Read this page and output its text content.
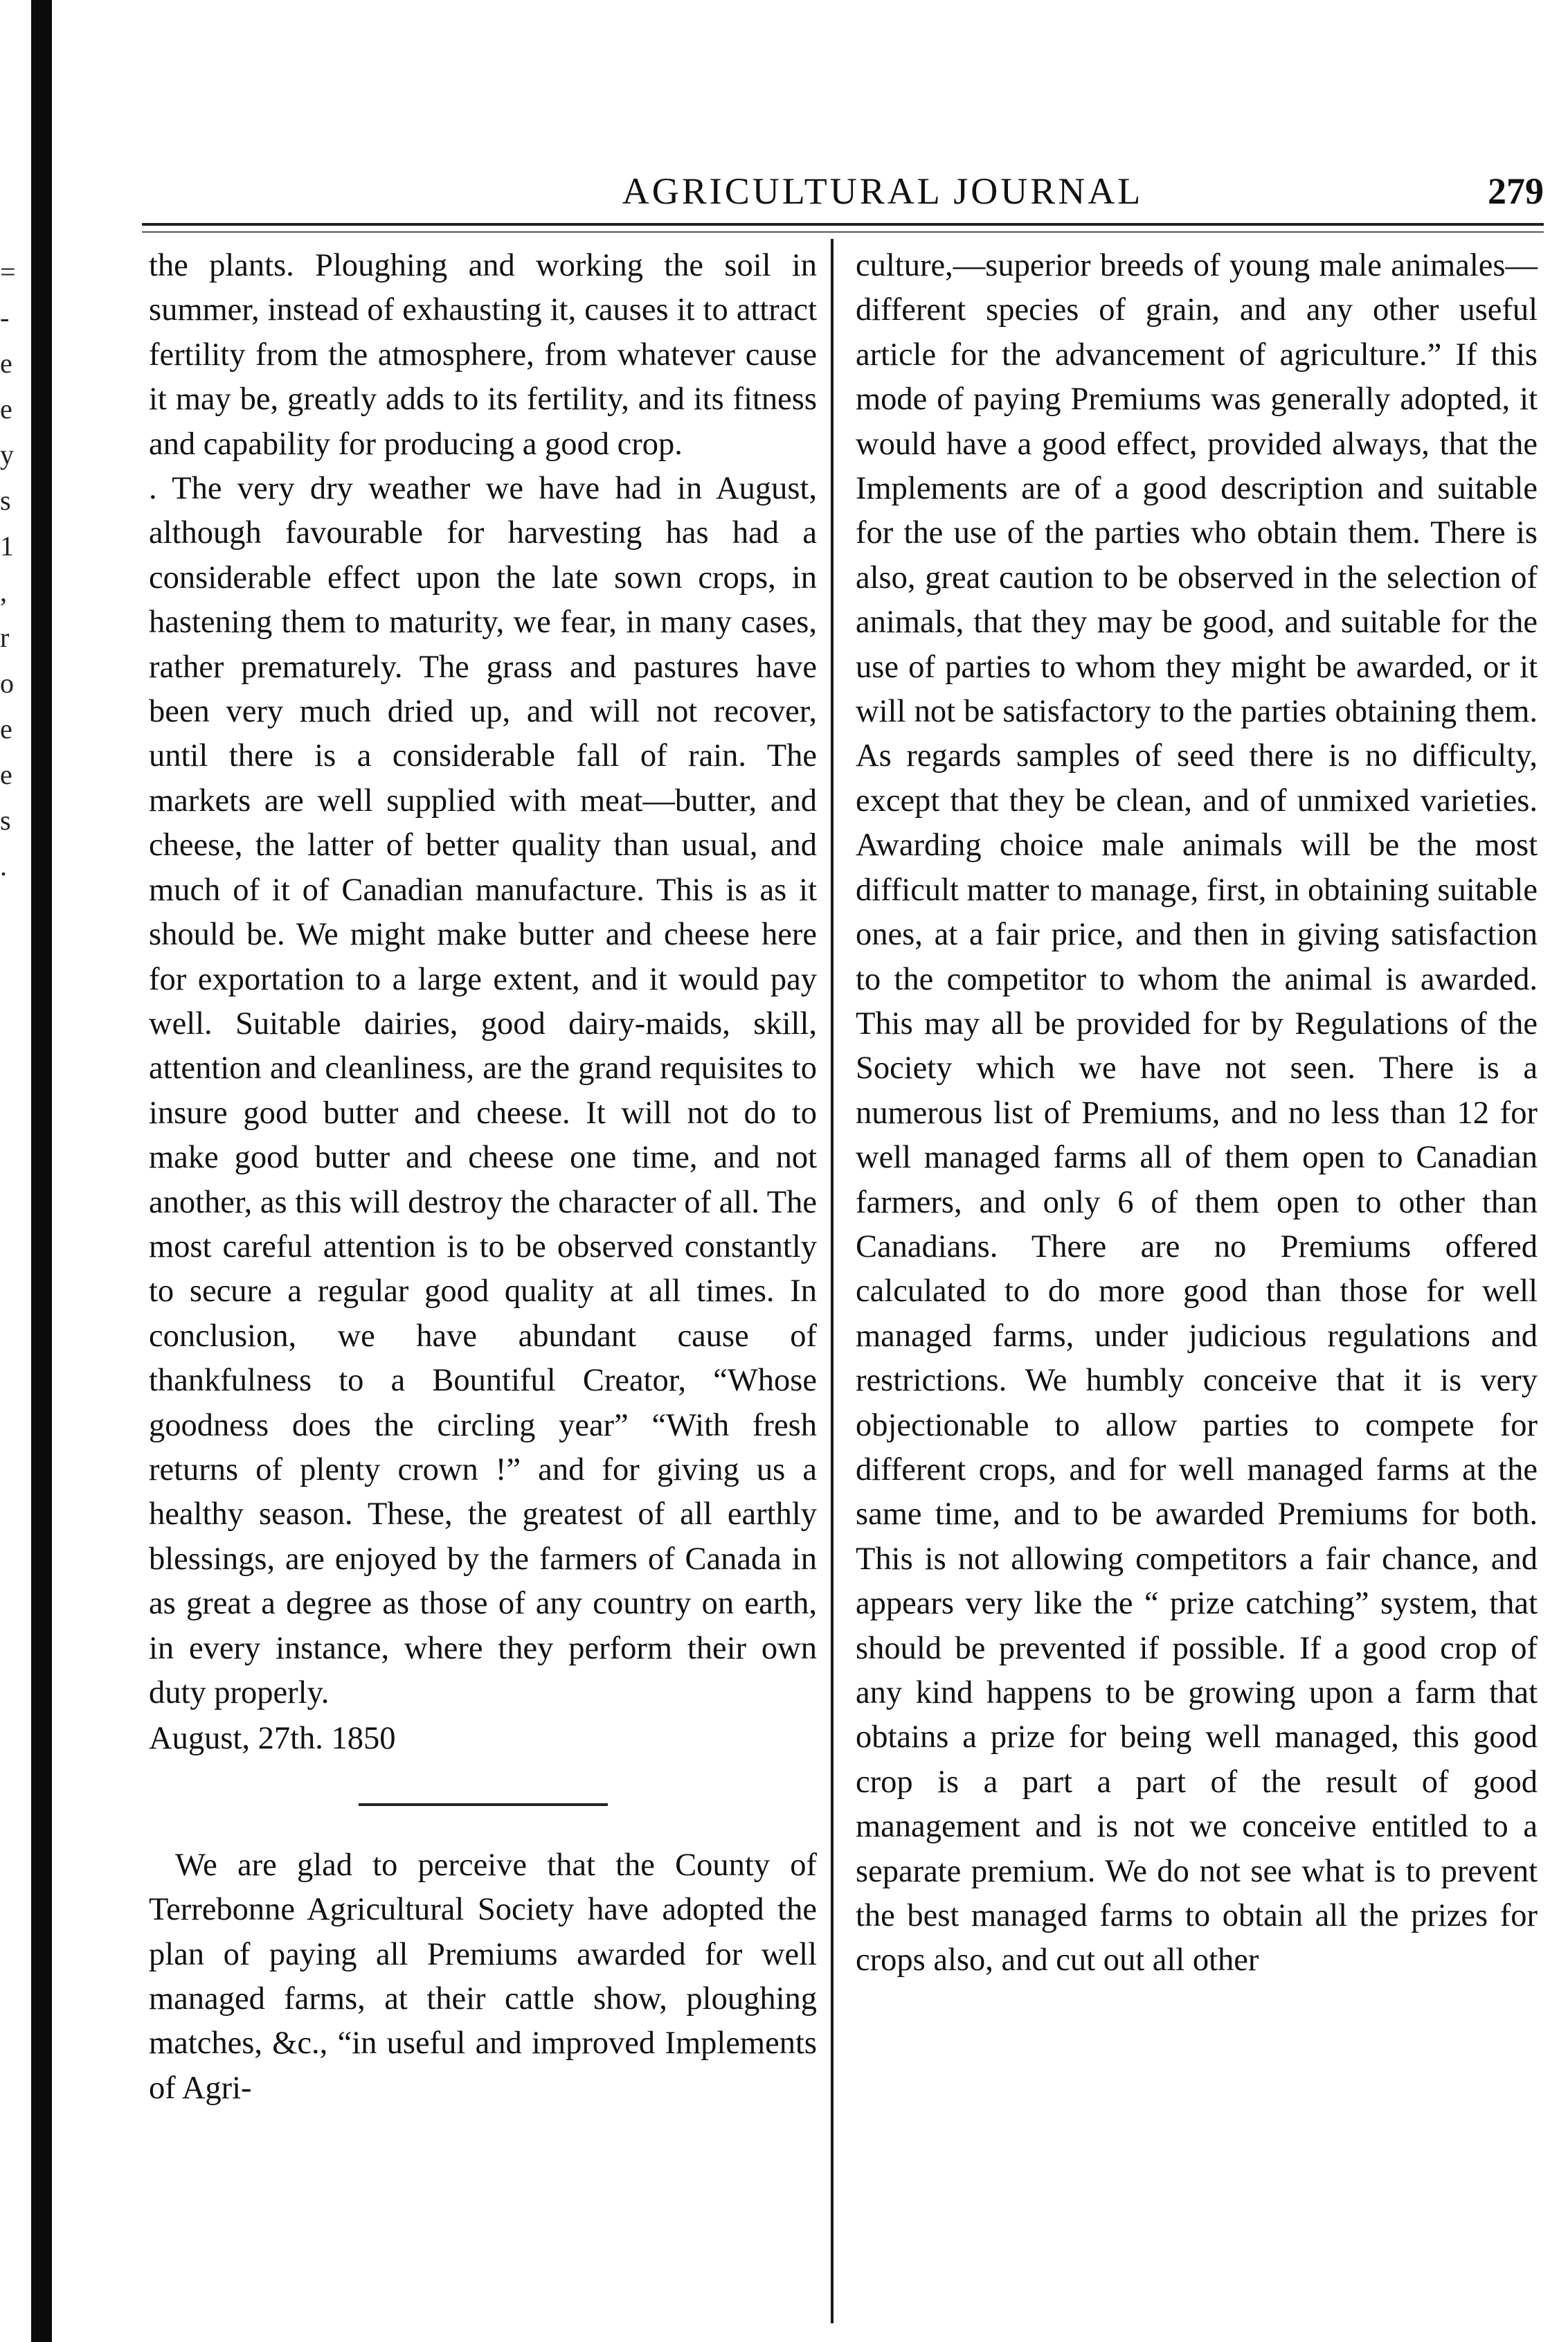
=
-
e
e
y
s
1
,
r
o
e
e
s
.
AGRICULTURAL JOURNAL	279

the plants. Ploughing and working the soil in summer, instead of exhausting it, causes it to attract fertility from the atmosphere, from whatever cause it may be, greatly adds to its fertility, and its fitness and capability for producing a good crop.

. The very dry weather we have had in August, although favourable for harvesting has had a considerable effect upon the late sown crops, in hastening them to maturity, we fear, in many cases, rather prematurely. The grass and pastures have been very much dried up, and will not recover, until there is a considerable fall of rain. The markets are well supplied with meat—butter, and cheese, the latter of better quality than usual, and much of it of Canadian manufacture. This is as it should be. We might make butter and cheese here for exportation to a large extent, and it would pay well. Suitable dairies, good dairy-maids, skill, attention and cleanliness, are the grand requisites to insure good butter and cheese. It will not do to make good butter and cheese one time, and not another, as this will destroy the character of all. The most careful attention is to be observed constantly to secure a regular good quality at all times. In conclusion, we have abundant cause of thankfulness to a Bountiful Creator, “Whose goodness does the circling year” “With fresh returns of plenty crown !” and for giving us a healthy season. These, the greatest of all earthly blessings, are enjoyed by the farmers of Canada in as great a degree as those of any country on earth, in every instance, where they perform their own duty properly.

August, 27th. 1850

We are glad to perceive that the County of Terrebonne Agricultural Society have adopted the plan of paying all Premiums awarded for well managed farms, at their cattle show, ploughing matches, &c., “in useful and improved Implements of Agri-

culture,—superior breeds of young male animales—different species of grain, and any other useful article for the advancement of agriculture.” If this mode of paying Premiums was generally adopted, it would have a good effect, provided always, that the Implements are of a good description and suitable for the use of the parties who obtain them. There is also, great caution to be observed in the selection of animals, that they may be good, and suitable for the use of parties to whom they might be awarded, or it will not be satisfactory to the parties obtaining them. As regards samples of seed there is no difficulty, except that they be clean, and of unmixed varieties. Awarding choice male animals will be the most difficult matter to manage, first, in obtaining suitable ones, at a fair price, and then in giving satisfaction to the competitor to whom the animal is awarded. This may all be provided for by Regulations of the Society which we have not seen. There is a numerous list of Premiums, and no less than 12 for well managed farms all of them open to Canadian farmers, and only 6 of them open to other than Canadians. There are no Premiums offered calculated to do more good than those for well managed farms, under judicious regulations and restrictions. We humbly conceive that it is very objectionable to allow parties to compete for different crops, and for well managed farms at the same time, and to be awarded Premiums for both. This is not allowing competitors a fair chance, and appears very like the “ prize catching” system, that should be prevented if possible. If a good crop of any kind happens to be growing upon a farm that obtains a prize for being well managed, this good crop is a part a part of the result of good management and is not we conceive entitled to a separate premium. We do not see what is to prevent the best managed farms to obtain all the prizes for crops also, and cut out all other
